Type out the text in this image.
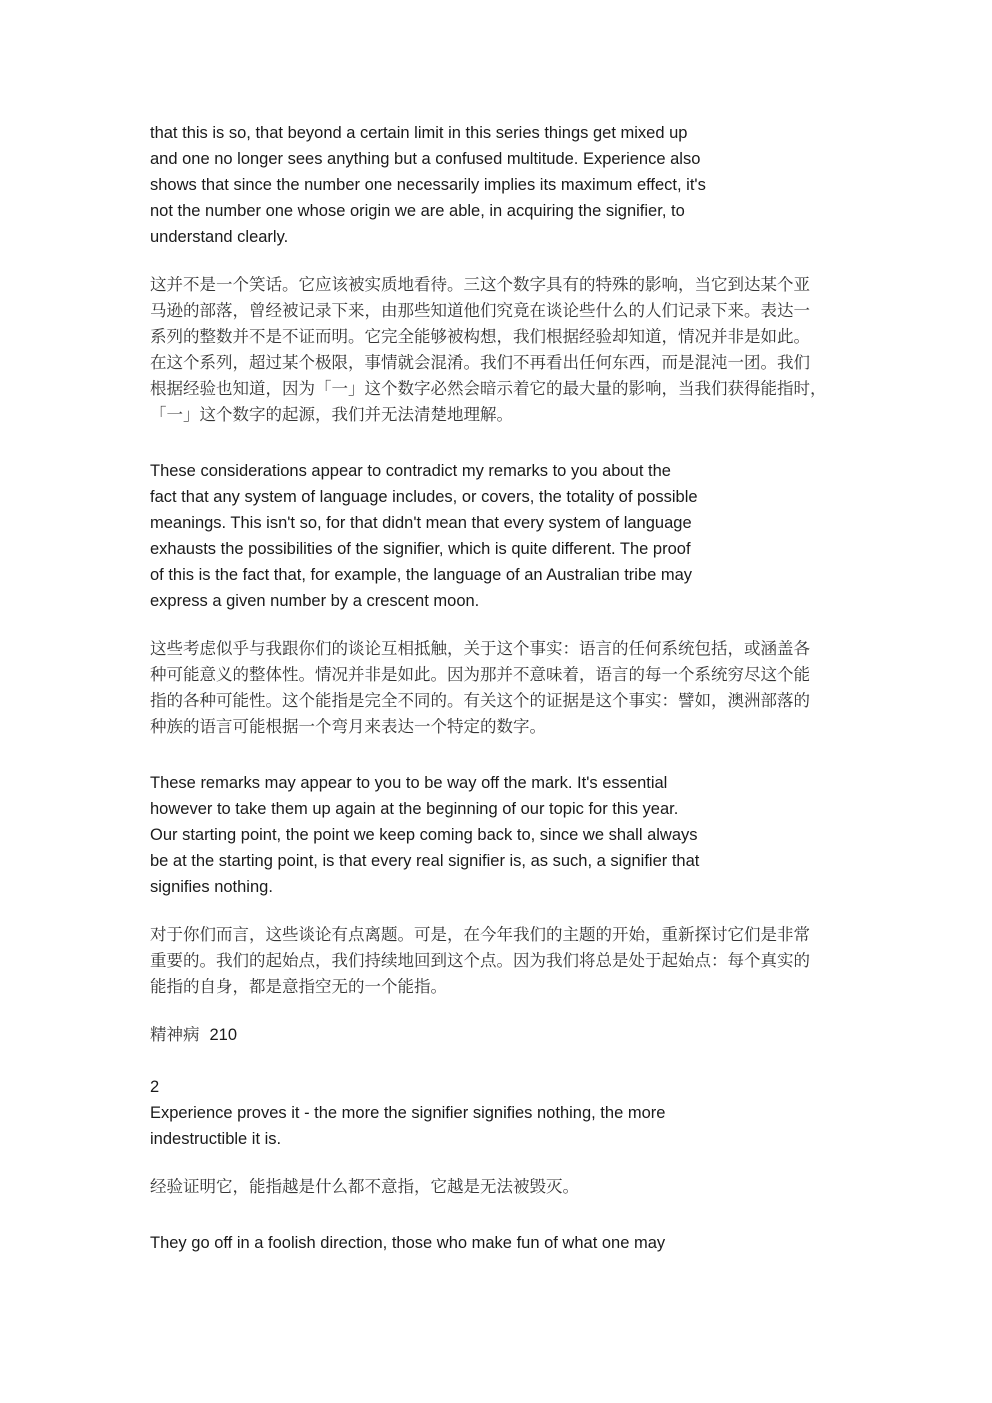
that this is so, that beyond a certain limit in this series things get mixed up
and one no longer sees anything but a confused multitude. Experience also
shows that since the number one necessarily implies its maximum effect, it's
not the number one whose origin we are able, in acquiring the signifier, to
understand clearly.

这并不是一个笑话。它应该被实质地看待。三这个数字具有的特殊的影响，当它到达某个亚
马逊的部落，曾经被记录下来，由那些知道他们究竟在谈论些什么的人们记录下来。表达一
系列的整数并不是不证而明。它完全能够被构想，我们根据经验却知道，情况并非是如此。
在这个系列，超过某个极限，事情就会混淆。我们不再看出任何东西，而是混沌一团。我们
根据经验也知道，因为「一」这个数字必然会暗示着它的最大量的影响，当我们获得能指时，
「一」这个数字的起源，我们并无法清楚地理解。

These considerations appear to contradict my remarks to you about the
fact that any system of language includes, or covers, the totality of possible
meanings. This isn't so, for that didn't mean that every system of language
exhausts the possibilities of the signifier, which is quite different. The proof
of this is the fact that, for example, the language of an Australian tribe may
express a given number by a crescent moon.

这些考虑似乎与我跟你们的谈论互相抵触，关于这个事实：语言的任何系统包括，或涵盖各
种可能意义的整体性。情况并非是如此。因为那并不意味着，语言的每一个系统穷尽这个能
指的各种可能性。这个能指是完全不同的。有关这个的证据是这个事实：譬如，澳洲部落的
种族的语言可能根据一个弯月来表达一个特定的数字。

These remarks may appear to you to be way off the mark. It's essential
however to take them up again at the beginning of our topic for this year.
Our starting point, the point we keep coming back to, since we shall always
be at the starting point, is that every real signifier is, as such, a signifier that
signifies nothing.

对于你们而言，这些谈论有点离题。可是，在今年我们的主题的开始，重新探讨它们是非常
重要的。我们的起始点，我们持续地回到这个点。因为我们将总是处于起始点：每个真实的
能指的自身，都是意指空无的一个能指。

精神病 210

2

Experience proves it - the more the signifier signifies nothing, the more
indestructible it is.

经验证明它，能指越是什么都不意指，它越是无法被毁灭。

They go off in a foolish direction, those who make fun of what one may
